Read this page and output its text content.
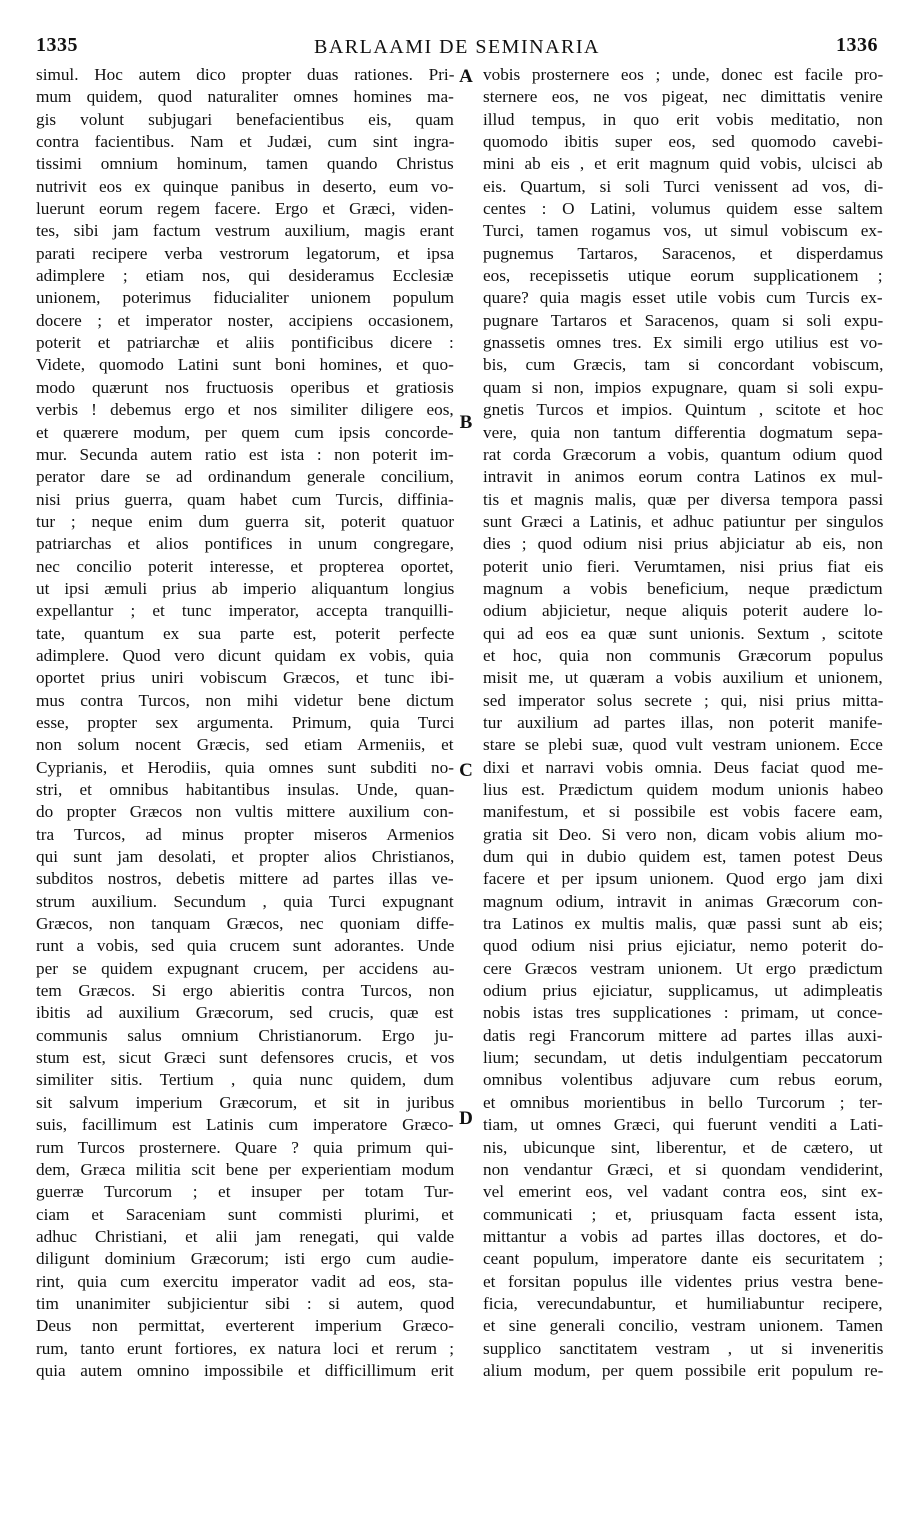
1335	BARLAAMI DE SEMINARIA	1336
simul. Hoc autem dico propter duas rationes. Pri-
mum quidem, quod naturaliter omnes homines ma-
gis volunt subjugari benefacientibus eis, quam
contra facientibus. Nam et Judæi, cum sint ingra-
tissimi omnium hominum, tamen quando Christus
nutrivit eos ex quinque panibus in deserto, eum vo-
luerunt eorum regem facere. Ergo et Græci, viden-
tes, sibi jam factum vestrum auxilium, magis erant
parati recipere verba vestrorum legatorum, et ipsa
adimplere ; etiam nos, qui desideramus Ecclesiæ
unionem, poterimus fiducialiter unionem populum
docere ; et imperator noster, accipiens occasionem,
poterit et patriarchæ et aliis pontificibus dicere :
Videte, quomodo Latini sunt boni homines, et quo-
modo quærunt nos fructuosis operibus et gratiosis
verbis ! debemus ergo et nos similiter diligere eos,
et quærere modum, per quem cum ipsis concorde-
mur. Secunda autem ratio est ista : non poterit im-
perator dare se ad ordinandum generale concilium,
nisi prius guerra, quam habet cum Turcis, diffinia-
tur ; neque enim dum guerra sit, poterit quatuor
patriarchas et alios pontifices in unum congregare,
nec concilio poterit interesse, et propterea oportet,
ut ipsi æmuli prius ab imperio aliquantum longius
expellantur ; et tunc imperator, accepta tranquilli-
tate, quantum ex sua parte est, poterit perfecte
adimplere. Quod vero dicunt quidam ex vobis, quia
oportet prius uniri vobiscum Græcos, et tunc ibi-
mus contra Turcos, non mihi videtur bene dictum
esse, propter sex argumenta. Primum, quia Turci
non solum nocent Græcis, sed etiam Armeniis, et
Cyprianis, et Herodiis, quia omnes sunt subditi no-
stri, et omnibus habitantibus insulas. Unde, quan-
do propter Græcos non vultis mittere auxilium con-
tra Turcos, ad minus propter miseros Armenios
qui sunt jam desolati, et propter alios Christianos,
subditos nostros, debetis mittere ad partes illas ve-
strum auxilium. Secundum , quia Turci expugnant
Græcos, non tanquam Græcos, nec quoniam diffe-
runt a vobis, sed quia crucem sunt adorantes. Unde
per se quidem expugnant crucem, per accidens au-
tem Græcos. Si ergo abieritis contra Turcos, non
ibitis ad auxilium Græcorum, sed crucis, quæ est
communis salus omnium Christianorum. Ergo ju-
stum est, sicut Græci sunt defensores crucis, et vos
similiter sitis. Tertium , quia nunc quidem, dum
sit salvum imperium Græcorum, et sit in juribus
suis, facillimum est Latinis cum imperatore Græco-
rum Turcos prosternere. Quare ? quia primum qui-
dem, Græca militia scit bene per experientiam modum
guerræ Turcorum ; et insuper per totam Tur-
ciam et Saraceniam sunt commisti plurimi, et
adhuc Christiani, et alii jam renegati, qui valde
diligunt dominium Græcorum; isti ergo cum audie-
rint, quia cum exercitu imperator vadit ad eos, sta-
tim unanimiter subjicientur sibi : si autem, quod
Deus non permittat, everterent imperium Græco-
rum, tanto erunt fortiores, ex natura loci et rerum ;
quia autem omnino impossibile et difficillimum erit
vobis prosternere eos ; unde, donec est facile pro-
sternere eos, ne vos pigeat, nec dimittatis venire
illud tempus, in quo erit vobis meditatio, non
quomodo ibitis super eos, sed quomodo cavebi-
mini ab eis , et erit magnum quid vobis, ulcisci ab
eis. Quartum, si soli Turci venissent ad vos, di-
centes : O Latini, volumus quidem esse saltem
Turci, tamen rogamus vos, ut simul vobiscum ex-
pugnemus Tartaros, Saracenos, et disperdamus
eos, recepissetis utique eorum supplicationem ;
quare? quia magis esset utile vobis cum Turcis ex-
pugnare Tartaros et Saracenos, quam si soli expu-
gnassetis omnes tres. Ex simili ergo utilius est vo-
bis, cum Græcis, tam si concordant vobiscum,
quam si non, impios expugnare, quam si soli expu-
gnetis Turcos et impios. Quintum , scitote et hoc
vere, quia non tantum differentia dogmatum sepa-
rat corda Græcorum a vobis, quantum odium quod
intravit in animos eorum contra Latinos ex mul-
tis et magnis malis, quæ per diversa tempora passi
sunt Græci a Latinis, et adhuc patiuntur per singulos
dies ; quod odium nisi prius abjiciatur ab eis, non
poterit unio fieri. Verumtamen, nisi prius fiat eis
magnum a vobis beneficium, neque prædictum
odium abjicietur, neque aliquis poterit audere lo-
qui ad eos ea quæ sunt unionis. Sextum , scitote
et hoc, quia non communis Græcorum populus
misit me, ut quæram a vobis auxilium et unionem,
sed imperator solus secrete ; qui, nisi prius mitta-
tur auxilium ad partes illas, non poterit manife-
stare se plebi suæ, quod vult vestram unionem. Ecce
dixi et narravi vobis omnia. Deus faciat quod me-
lius est. Prædictum quidem modum unionis habeo
manifestum, et si possibile est vobis facere eam,
gratia sit Deo. Si vero non, dicam vobis alium mo-
dum qui in dubio quidem est, tamen potest Deus
facere et per ipsum unionem. Quod ergo jam dixi
magnum odium, intravit in animas Græcorum con-
tra Latinos ex multis malis, quæ passi sunt ab eis;
quod odium nisi prius ejiciatur, nemo poterit do-
cere Græcos vestram unionem. Ut ergo prædictum
odium prius ejiciatur, supplicamus, ut adimpleatis
nobis istas tres supplicationes : primam, ut conce-
datis regi Francorum mittere ad partes illas auxi-
lium; secundam, ut detis indulgentiam peccatorum
omnibus volentibus adjuvare cum rebus eorum,
et omnibus morientibus in bello Turcorum ; ter-
tiam, ut omnes Græci, qui fuerunt venditi a Lati-
nis, ubicunque sint, liberentur, et de cætero, ut
non vendantur Græci, et si quondam vendiderint,
vel emerint eos, vel vadant contra eos, sint ex-
communicati ; et, priusquam facta essent ista,
mittantur a vobis ad partes illas doctores, et do-
ceant populum, imperatore dante eis securitatem ;
et forsitan populus ille videntes prius vestra bene-
ficia, verecundabuntur, et humiliabuntur recipere,
et sine generali concilio, vestram unionem. Tamen
supplico sanctitatem vestram , ut si inveneritis
alium modum, per quem possibile erit populum re-
A
B
C
D
